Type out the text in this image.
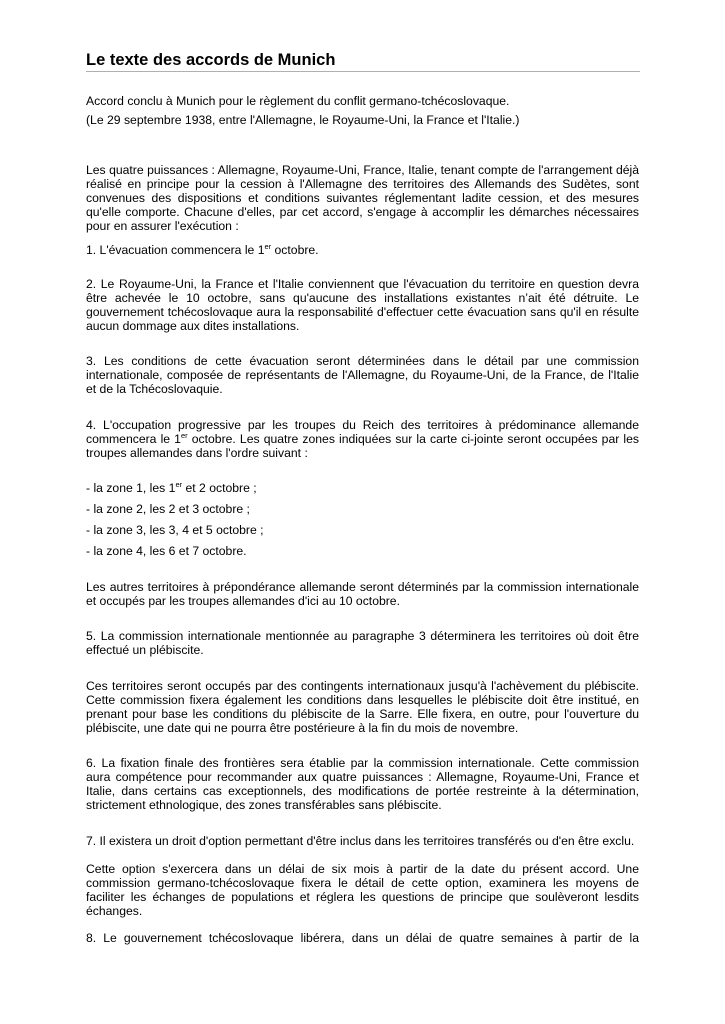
Le texte des accords de Munich

Accord conclu à Munich pour le règlement du conflit germano-tchécoslovaque.

(Le 29 septembre 1938, entre l'Allemagne, le Royaume-Uni, la France et l'Italie.)

Les quatre puissances : Allemagne, Royaume-Uni, France, Italie, tenant compte de l'arrangement déjà réalisé en principe pour la cession à l'Allemagne des territoires des Allemands des Sudètes, sont convenues des dispositions et conditions suivantes réglementant ladite cession, et des mesures qu'elle comporte. Chacune d'elles, par cet accord, s'engage à accomplir les démarches nécessaires pour en assurer l'exécution :

1. L'évacuation commencera le 1er octobre.

2. Le Royaume-Uni, la France et l'Italie conviennent que l'évacuation du territoire en question devra être achevée le 10 octobre, sans qu'aucune des installations existantes n’ait été détruite. Le gouvernement tchécoslovaque aura la responsabilité d'effectuer cette évacuation sans qu'il en résulte aucun dommage aux dites installations.

3. Les conditions de cette évacuation seront déterminées dans le détail par une commission internationale, composée de représentants de l'Allemagne, du Royaume-Uni, de la France, de l'Italie et de la Tchécoslovaquie.

4. L'occupation progressive par les troupes du Reich des territoires à prédominance allemande commencera le 1er octobre. Les quatre zones indiquées sur la carte ci-jointe seront occupées par les troupes allemandes dans l'ordre suivant :

- la zone 1, les 1er et 2 octobre ;

- la zone 2, les 2 et 3 octobre ;

- la zone 3, les 3, 4 et 5 octobre ;

- la zone 4, les 6 et 7 octobre.

Les autres territoires à prépondérance allemande seront déterminés par la commission internationale et occupés par les troupes allemandes d'ici au 10 octobre.

5. La commission internationale mentionnée au paragraphe 3 déterminera les territoires où doit être effectué un plébiscite.

Ces territoires seront occupés par des contingents internationaux jusqu'à l'achèvement du plébiscite. Cette commission fixera également les conditions dans lesquelles le plébiscite doit être institué, en prenant pour base les conditions du plébiscite de la Sarre. Elle fixera, en outre, pour l'ouverture du plébiscite, une date qui ne pourra être postérieure à la fin du mois de novembre.

6. La fixation finale des frontières sera établie par la commission internationale. Cette commission aura compétence pour recommander aux quatre puissances : Allemagne, Royaume-Uni, France et Italie, dans certains cas exceptionnels, des modifications de portée restreinte à la détermination, strictement ethnologique, des zones transférables sans plébiscite.

7. Il existera un droit d'option permettant d'être inclus dans les territoires transférés ou d'en être exclu.

Cette option s'exercera dans un délai de six mois à partir de la date du présent accord. Une commission germano-tchécoslovaque fixera le détail de cette option, examinera les moyens de faciliter les échanges de populations et réglera les questions de principe que soulèveront lesdits échanges.

8. Le gouvernement tchécoslovaque libérera, dans un délai de quatre semaines à partir de la
